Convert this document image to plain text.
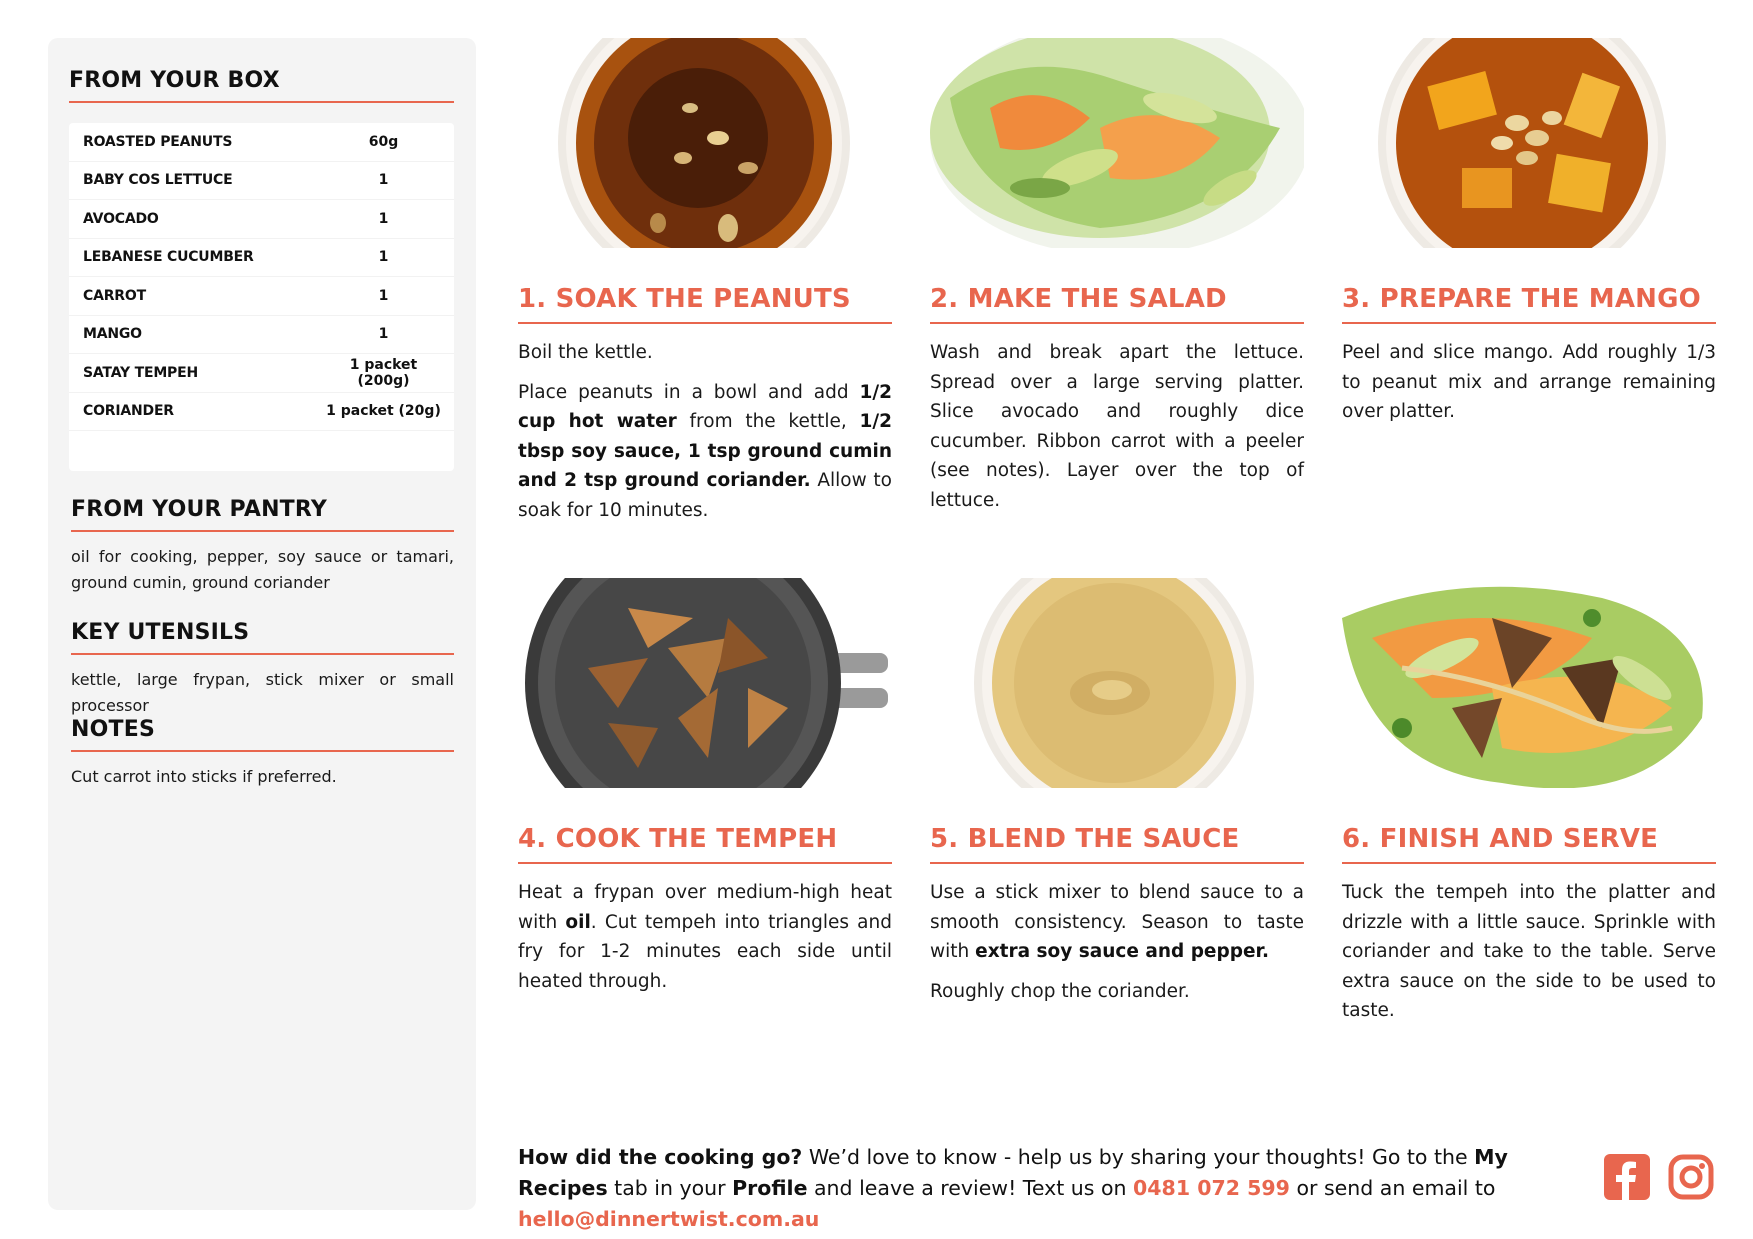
FROM YOUR BOX
ROASTED PEANUTS	60g
BABY COS LETTUCE	1
AVOCADO	1
LEBANESE CUCUMBER	1
CARROT	1
MANGO	1
SATAY TEMPEH	1 packet (200g)
CORIANDER	1 packet (20g)
FROM YOUR PANTRY
oil for cooking, pepper, soy sauce or tamari, ground cumin, ground coriander
KEY UTENSILS
kettle, large frypan, stick mixer or small processor
NOTES
Cut carrot into sticks if preferred.
1. SOAK THE PEANUTS

Boil the kettle.

Place peanuts in a bowl and add 1/2 cup hot water from the kettle, 1/2 tbsp soy sauce, 1 tsp ground cumin and 2 tsp ground coriander. Allow to soak for 10 minutes.

2. MAKE THE SALAD

Wash and break apart the lettuce. Spread over a large serving platter. Slice avocado and roughly dice cucumber. Ribbon carrot with a peeler (see notes). Layer over the top of lettuce.

3. PREPARE THE MANGO

Peel and slice mango. Add roughly 1/3 to peanut mix and arrange remaining over platter.

4. COOK THE TEMPEH

Heat a frypan over medium-high heat with oil. Cut tempeh into triangles and fry for 1-2 minutes each side until heated through.

5. BLEND THE SAUCE

Use a stick mixer to blend sauce to a smooth consistency. Season to taste with extra soy sauce and pepper.

Roughly chop the coriander.

6. FINISH AND SERVE

Tuck the tempeh into the platter and drizzle with a little sauce. Sprinkle with coriander and take to the table. Serve extra sauce on the side to be used to taste.

How did the cooking go? We’d love to know - help us by sharing your thoughts! Go to the My Recipes tab in your Profile and leave a review! Text us on 0481 072 599 or send an email to hello@dinnertwist.com.au
